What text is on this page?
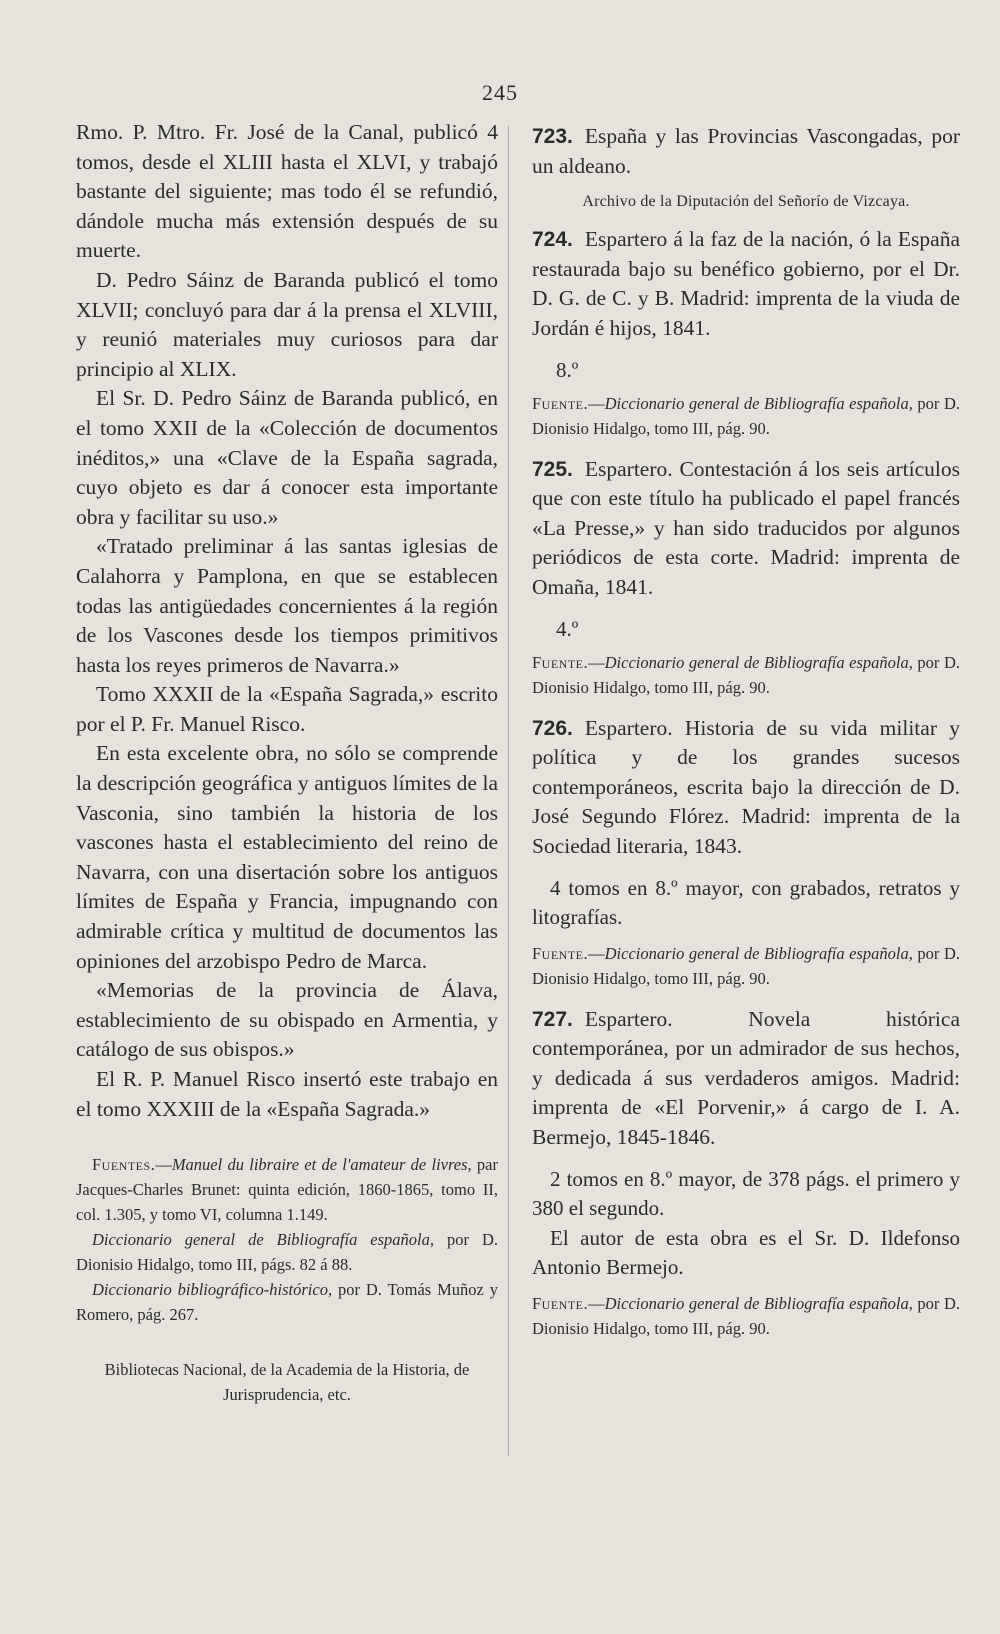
245

Rmo. P. Mtro. Fr. José de la Canal, publicó 4 tomos, desde el XLIII hasta el XLVI, y trabajó bastante del siguiente; mas todo él se refundió, dándole mucha más extensión después de su muerte.

D. Pedro Sáinz de Baranda publicó el tomo XLVII; concluyó para dar á la prensa el XLVIII, y reunió materiales muy curiosos para dar principio al XLIX.

El Sr. D. Pedro Sáinz de Baranda publicó, en el tomo XXII de la «Colección de documentos inéditos,» una «Clave de la España sagrada, cuyo objeto es dar á conocer esta importante obra y facilitar su uso.»

«Tratado preliminar á las santas iglesias de Calahorra y Pamplona, en que se establecen todas las antigüedades concernientes á la región de los Vascones desde los tiempos primitivos hasta los reyes primeros de Navarra.»

Tomo XXXII de la «España Sagrada,» escrito por el P. Fr. Manuel Risco.

En esta excelente obra, no sólo se comprende la descripción geográfica y antiguos límites de la Vasconia, sino también la historia de los vascones hasta el establecimiento del reino de Navarra, con una disertación sobre los antiguos límites de España y Francia, impugnando con admirable crítica y multitud de documentos las opiniones del arzobispo Pedro de Marca.

«Memorias de la provincia de Álava, establecimiento de su obispado en Armentia, y catálogo de sus obispos.»

El R. P. Manuel Risco insertó este trabajo en el tomo XXXIII de la «España Sagrada.»

Fuentes.—Manuel du libraire et de l'amateur de livres, par Jacques-Charles Brunet: quinta edición, 1860-1865, tomo II, col. 1.305, y tomo VI, columna 1.149.

Diccionario general de Bibliografía española, por D. Dionisio Hidalgo, tomo III, págs. 82 á 88.

Diccionario bibliográfico-histórico, por D. Tomás Muñoz y Romero, pág. 267.

Bibliotecas Nacional, de la Academia de la Historia, de Jurisprudencia, etc.

723. España y las Provincias Vascongadas, por un aldeano.

Archivo de la Diputación del Señorío de Vizcaya.

724. Espartero á la faz de la nación, ó la España restaurada bajo su benéfico gobierno, por el Dr. D. G. de C. y B. Madrid: imprenta de la viuda de Jordán é hijos, 1841.

8.º

Fuente.—Diccionario general de Bibliografía española, por D. Dionisio Hidalgo, tomo III, pág. 90.

725. Espartero. Contestación á los seis artículos que con este título ha publicado el papel francés «La Presse,» y han sido traducidos por algunos periódicos de esta corte. Madrid: imprenta de Omaña, 1841.

4.º

Fuente.—Diccionario general de Bibliografía española, por D. Dionisio Hidalgo, tomo III, pág. 90.

726. Espartero. Historia de su vida militar y política y de los grandes sucesos contemporáneos, escrita bajo la dirección de D. José Segundo Flórez. Madrid: imprenta de la Sociedad literaria, 1843.

4 tomos en 8.º mayor, con grabados, retratos y litografías.

Fuente.—Diccionario general de Bibliografía española, por D. Dionisio Hidalgo, tomo III, pág. 90.

727. Espartero. Novela histórica contemporánea, por un admirador de sus hechos, y dedicada á sus verdaderos amigos. Madrid: imprenta de «El Porvenir,» á cargo de I. A. Bermejo, 1845-1846.

2 tomos en 8.º mayor, de 378 págs. el primero y 380 el segundo.

El autor de esta obra es el Sr. D. Ildefonso Antonio Bermejo.

Fuente.—Diccionario general de Bibliografía española, por D. Dionisio Hidalgo, tomo III, pág. 90.
